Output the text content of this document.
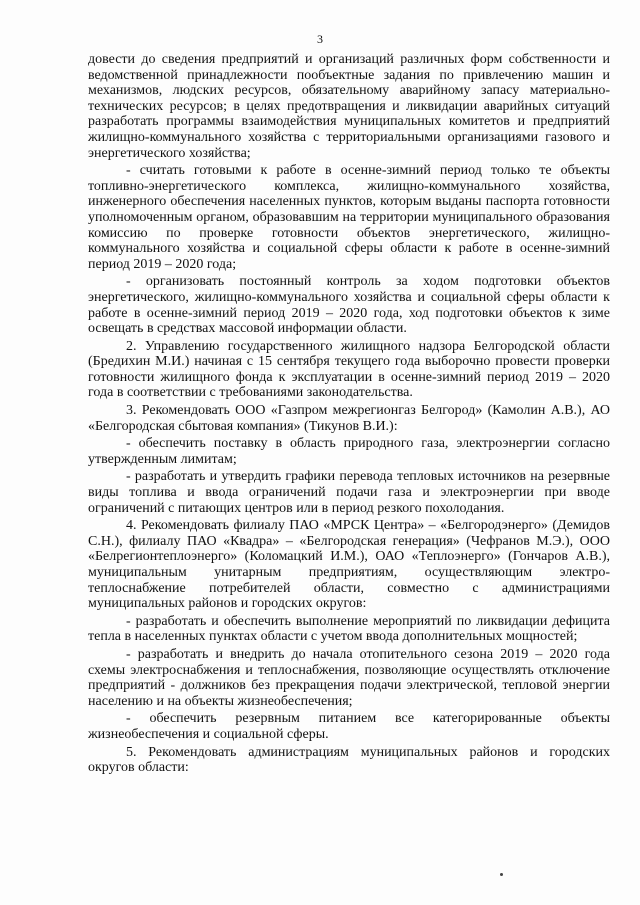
3

довести до сведения предприятий и организаций различных форм собственности и ведомственной принадлежности пообъектные задания по привлечению машин и механизмов, людских ресурсов, обязательному аварийному запасу материально-технических ресурсов; в целях предотвращения и ликвидации аварийных ситуаций разработать программы взаимодействия муниципальных комитетов и предприятий жилищно-коммунального хозяйства с территориальными организациями газового и энергетического хозяйства;

- считать готовыми к работе в осенне-зимний период только те объекты топливно-энергетического комплекса, жилищно-коммунального хозяйства, инженерного обеспечения населенных пунктов, которым выданы паспорта готовности уполномоченным органом, образовавшим на территории муниципального образования комиссию по проверке готовности объектов энергетического, жилищно-коммунального хозяйства и социальной сферы области к работе в осенне-зимний период 2019 – 2020 года;

- организовать постоянный контроль за ходом подготовки объектов энергетического, жилищно-коммунального хозяйства и социальной сферы области к работе в осенне-зимний период 2019 – 2020 года, ход подготовки объектов к зиме освещать в средствах массовой информации области.

2. Управлению государственного жилищного надзора Белгородской области (Бредихин М.И.) начиная с 15 сентября текущего года выборочно провести проверки готовности жилищного фонда к эксплуатации в осенне-зимний период 2019 – 2020 года в соответствии с требованиями законодательства.

3. Рекомендовать ООО «Газпром межрегионгаз Белгород» (Камолин А.В.), АО «Белгородская сбытовая компания» (Тикунов В.И.):

- обеспечить поставку в область природного газа, электроэнергии согласно утвержденным лимитам;

- разработать и утвердить графики перевода тепловых источников на резервные виды топлива и ввода ограничений подачи газа и электроэнергии при вводе ограничений с питающих центров или в период резкого похолодания.

4. Рекомендовать филиалу ПАО «МРСК Центра» – «Белгородэнерго» (Демидов С.Н.), филиалу ПАО «Квадра» – «Белгородская генерация» (Чефранов М.Э.), ООО «Белрегионтеплоэнерго» (Коломацкий И.М.), ОАО «Теплоэнерго» (Гончаров А.В.), муниципальным унитарным предприятиям, осуществляющим электро-теплоснабжение потребителей области, совместно с администрациями муниципальных районов и городских округов:

- разработать и обеспечить выполнение мероприятий по ликвидации дефицита тепла в населенных пунктах области с учетом ввода дополнительных мощностей;

- разработать и внедрить до начала отопительного сезона 2019 – 2020 года схемы электроснабжения и теплоснабжения, позволяющие осуществлять отключение предприятий - должников без прекращения подачи электрической, тепловой энергии населению и на объекты жизнеобеспечения;

- обеспечить резервным питанием все категорированные объекты жизнеобеспечения и социальной сферы.

5. Рекомендовать администрациям муниципальных районов и городских округов области:
